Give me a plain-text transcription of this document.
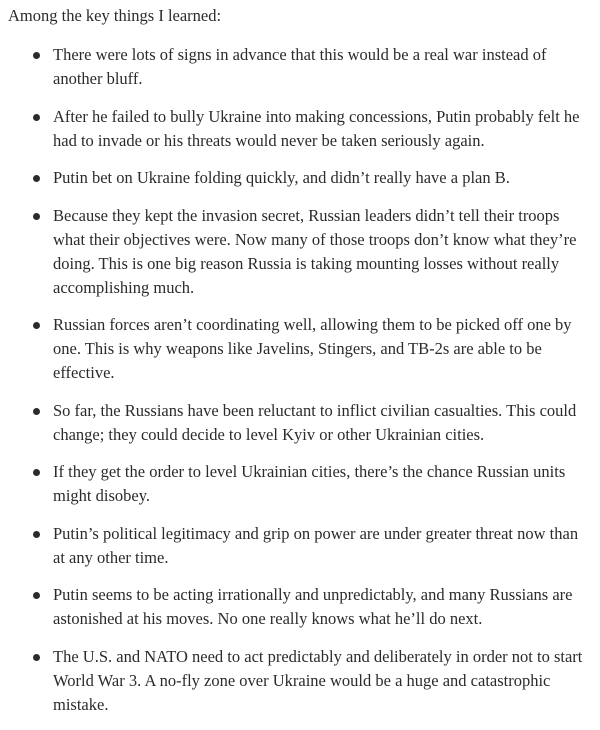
Among the key things I learned:

There were lots of signs in advance that this would be a real war instead of another bluff.
After he failed to bully Ukraine into making concessions, Putin probably felt he had to invade or his threats would never be taken seriously again.
Putin bet on Ukraine folding quickly, and didn’t really have a plan B.
Because they kept the invasion secret, Russian leaders didn’t tell their troops what their objectives were. Now many of those troops don’t know what they’re doing. This is one big reason Russia is taking mounting losses without really accomplishing much.
Russian forces aren’t coordinating well, allowing them to be picked off one by one. This is why weapons like Javelins, Stingers, and TB-2s are able to be effective.
So far, the Russians have been reluctant to inflict civilian casualties. This could change; they could decide to level Kyiv or other Ukrainian cities.
If they get the order to level Ukrainian cities, there’s the chance Russian units might disobey.
Putin’s political legitimacy and grip on power are under greater threat now than at any other time.
Putin seems to be acting irrationally and unpredictably, and many Russians are astonished at his moves. No one really knows what he’ll do next.
The U.S. and NATO need to act predictably and deliberately in order not to start World War 3. A no-fly zone over Ukraine would be a huge and catastrophic mistake.
